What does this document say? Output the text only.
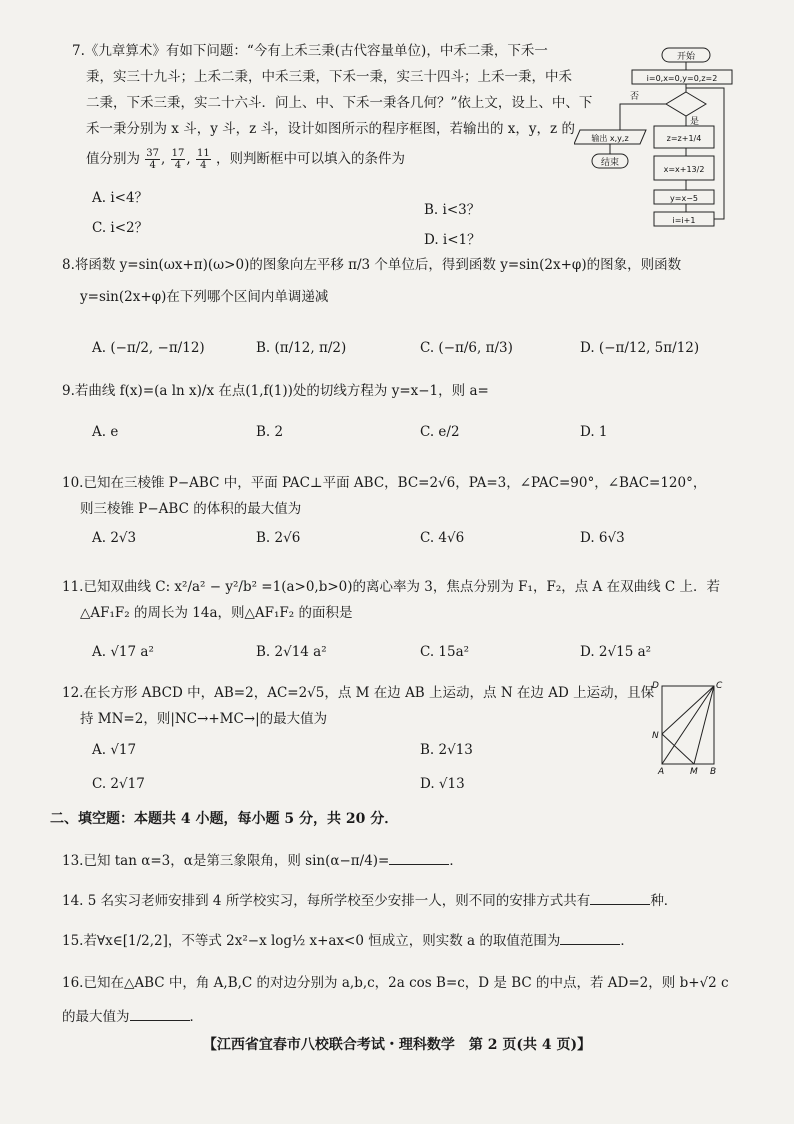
7.《九章算术》有如下问题：“今有上禾三秉(古代容量单位)，中禾二秉，下禾一
秉，实三十九斗；上禾二秉，中禾三秉，下禾一秉，实三十四斗；上禾一秉，中禾
二秉，下禾三秉，实二十六斗．问上、中、下禾一秉各几何？”依上文，设上、中、下
禾一秉分别为 x 斗，y 斗，z 斗，设计如图所示的程序框图，若输出的 x，y，z 的
值分别为 $\frac{37}{4}$ , $\frac{17}{4}$ , $\frac{11}{4}$ ，则判断框中可以填入的条件为
A. i<4？
B. i<3？
C. i<2？
D. i<1？
开始
i=0,x=0,y=0,z=2
否
是
输出 x,y,z
结束
z=z+1/4
x=x+13/2
y=x−5
i=i+1
8.将函数 y=sin(ωx+π)(ω>0)的图象向左平移 π/3 个单位后，得到函数 y=sin(2x+φ)的图象，则函数
y=sin(2x+φ)在下列哪个区间内单调递减
A. (−π/2, −π/12)	B. (π/12, π/2)	C. (−π/6, π/3)	D. (−π/12, 5π/12)
9.若曲线 f(x)=(a ln x)/x 在点(1,f(1))处的切线方程为 y=x−1，则 a=
A. e	B. 2	C. e/2	D. 1
10.已知在三棱锥 P−ABC 中，平面 PAC⊥平面 ABC，BC=2√6，PA=3，∠PAC=90°，∠BAC=120°，
则三棱锥 P−ABC 的体积的最大值为
A. 2√3	B. 2√6	C. 4√6	D. 6√3
11.已知双曲线 C: x²/a² − y²/b² =1(a>0,b>0)的离心率为 3，焦点分别为 F₁，F₂，点 A 在双曲线 C 上．若
△AF₁F₂ 的周长为 14a，则△AF₁F₂ 的面积是
A. √17 a²	B. 2√14 a²	C. 15a²	D. 2√15 a²
12.在长方形 ABCD 中，AB=2，AC=2√5，点 M 在边 AB 上运动，点 N 在边 AD 上运动，且保
持 MN=2，则|NC→+MC→|的最大值为
A. √17	B. 2√13
C. 2√17	D. √13
D	C
N
A	M B
二、填空题：本题共 4 小题，每小题 5 分，共 20 分．
13.已知 tan α=3，α是第三象限角，则 sin(α−π/4)=	．
14. 5 名实习老师安排到 4 所学校实习，每所学校至少安排一人，则不同的安排方式共有	种．
15.若∀x∈[1/2,2]，不等式 2x²−x log½ x+ax<0 恒成立，则实数 a 的取值范围为	．
16.已知在△ABC 中，角 A,B,C 的对边分别为 a,b,c，2a cos B=c，D 是 BC 的中点，若 AD=2，则 b+√2 c
的最大值为	．
【江西省宜春市八校联合考试・理科数学　第 2 页(共 4 页)】
